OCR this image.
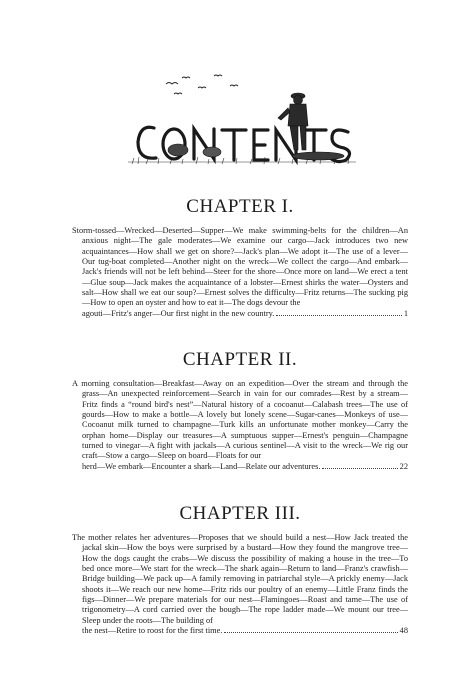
CHAPTER I.

Storm-tossed—Wrecked—Deserted—Supper—We make swimming-belts for the children—An anxious night—The gale moderates—We examine our cargo—Jack introduces two new acquaintances—How shall we get on shore?—Jack's plan—We adopt it—The use of a lever—Our tug-boat completed—Another night on the wreck—We collect the cargo—And embark—Jack's friends will not be left behind—Steer for the shore—Once more on land—We erect a tent—Glue soup—Jack makes the acquaintance of a lobster—Ernest shirks the water—Oysters and salt—How shall we eat our soup?—Ernest solves the difficulty—Fritz returns—The sucking pig—How to open an oyster and how to eat it—The dogs devour the

agouti—Fritz's anger—Our first night in the new country.	1
CHAPTER II.

A morning consultation—Breakfast—Away on an expedition—Over the stream and through the grass—An unexpected reinforcement—Search in vain for our comrades—Rest by a stream—Fritz finds a “round bird's nest”—Natural history of a cocoanut—Calabash trees—The use of gourds—How to make a bottle—A lovely but lonely scene—Sugar-canes—Monkeys of use—Cocoanut milk turned to champagne—Turk kills an unfortunate mother monkey—Carry the orphan home—Display our treasures—A sumptuous supper—Ernest's penguin—Champagne turned to vinegar—A fight with jackals—A curious sentinel—A visit to the wreck—We rig our craft—Stow a cargo—Sleep on board—Floats for our

herd—We embark—Encounter a shark—Land—Relate our adventures.	22
CHAPTER III.

The mother relates her adventures—Proposes that we should build a nest—How Jack treated the jackal skin—How the boys were surprised by a bustard—How they found the mangrove tree—How the dogs caught the crabs—We discuss the possibility of making a house in the tree—To bed once more—We start for the wreck—The shark again—Return to land—Franz's crawfish—Bridge building—We pack up—A family removing in patriarchal style—A prickly enemy—Jack shoots it—We reach our new home—Fritz rids our poultry of an enemy—Little Franz finds the figs—Dinner—We prepare materials for our nest—Flamingoes—Roast and tame—The use of trigonometry—A cord carried over the bough—The rope ladder made—We mount our tree—Sleep under the roots—The building of

the nest—Retire to roost for the first time.	48
